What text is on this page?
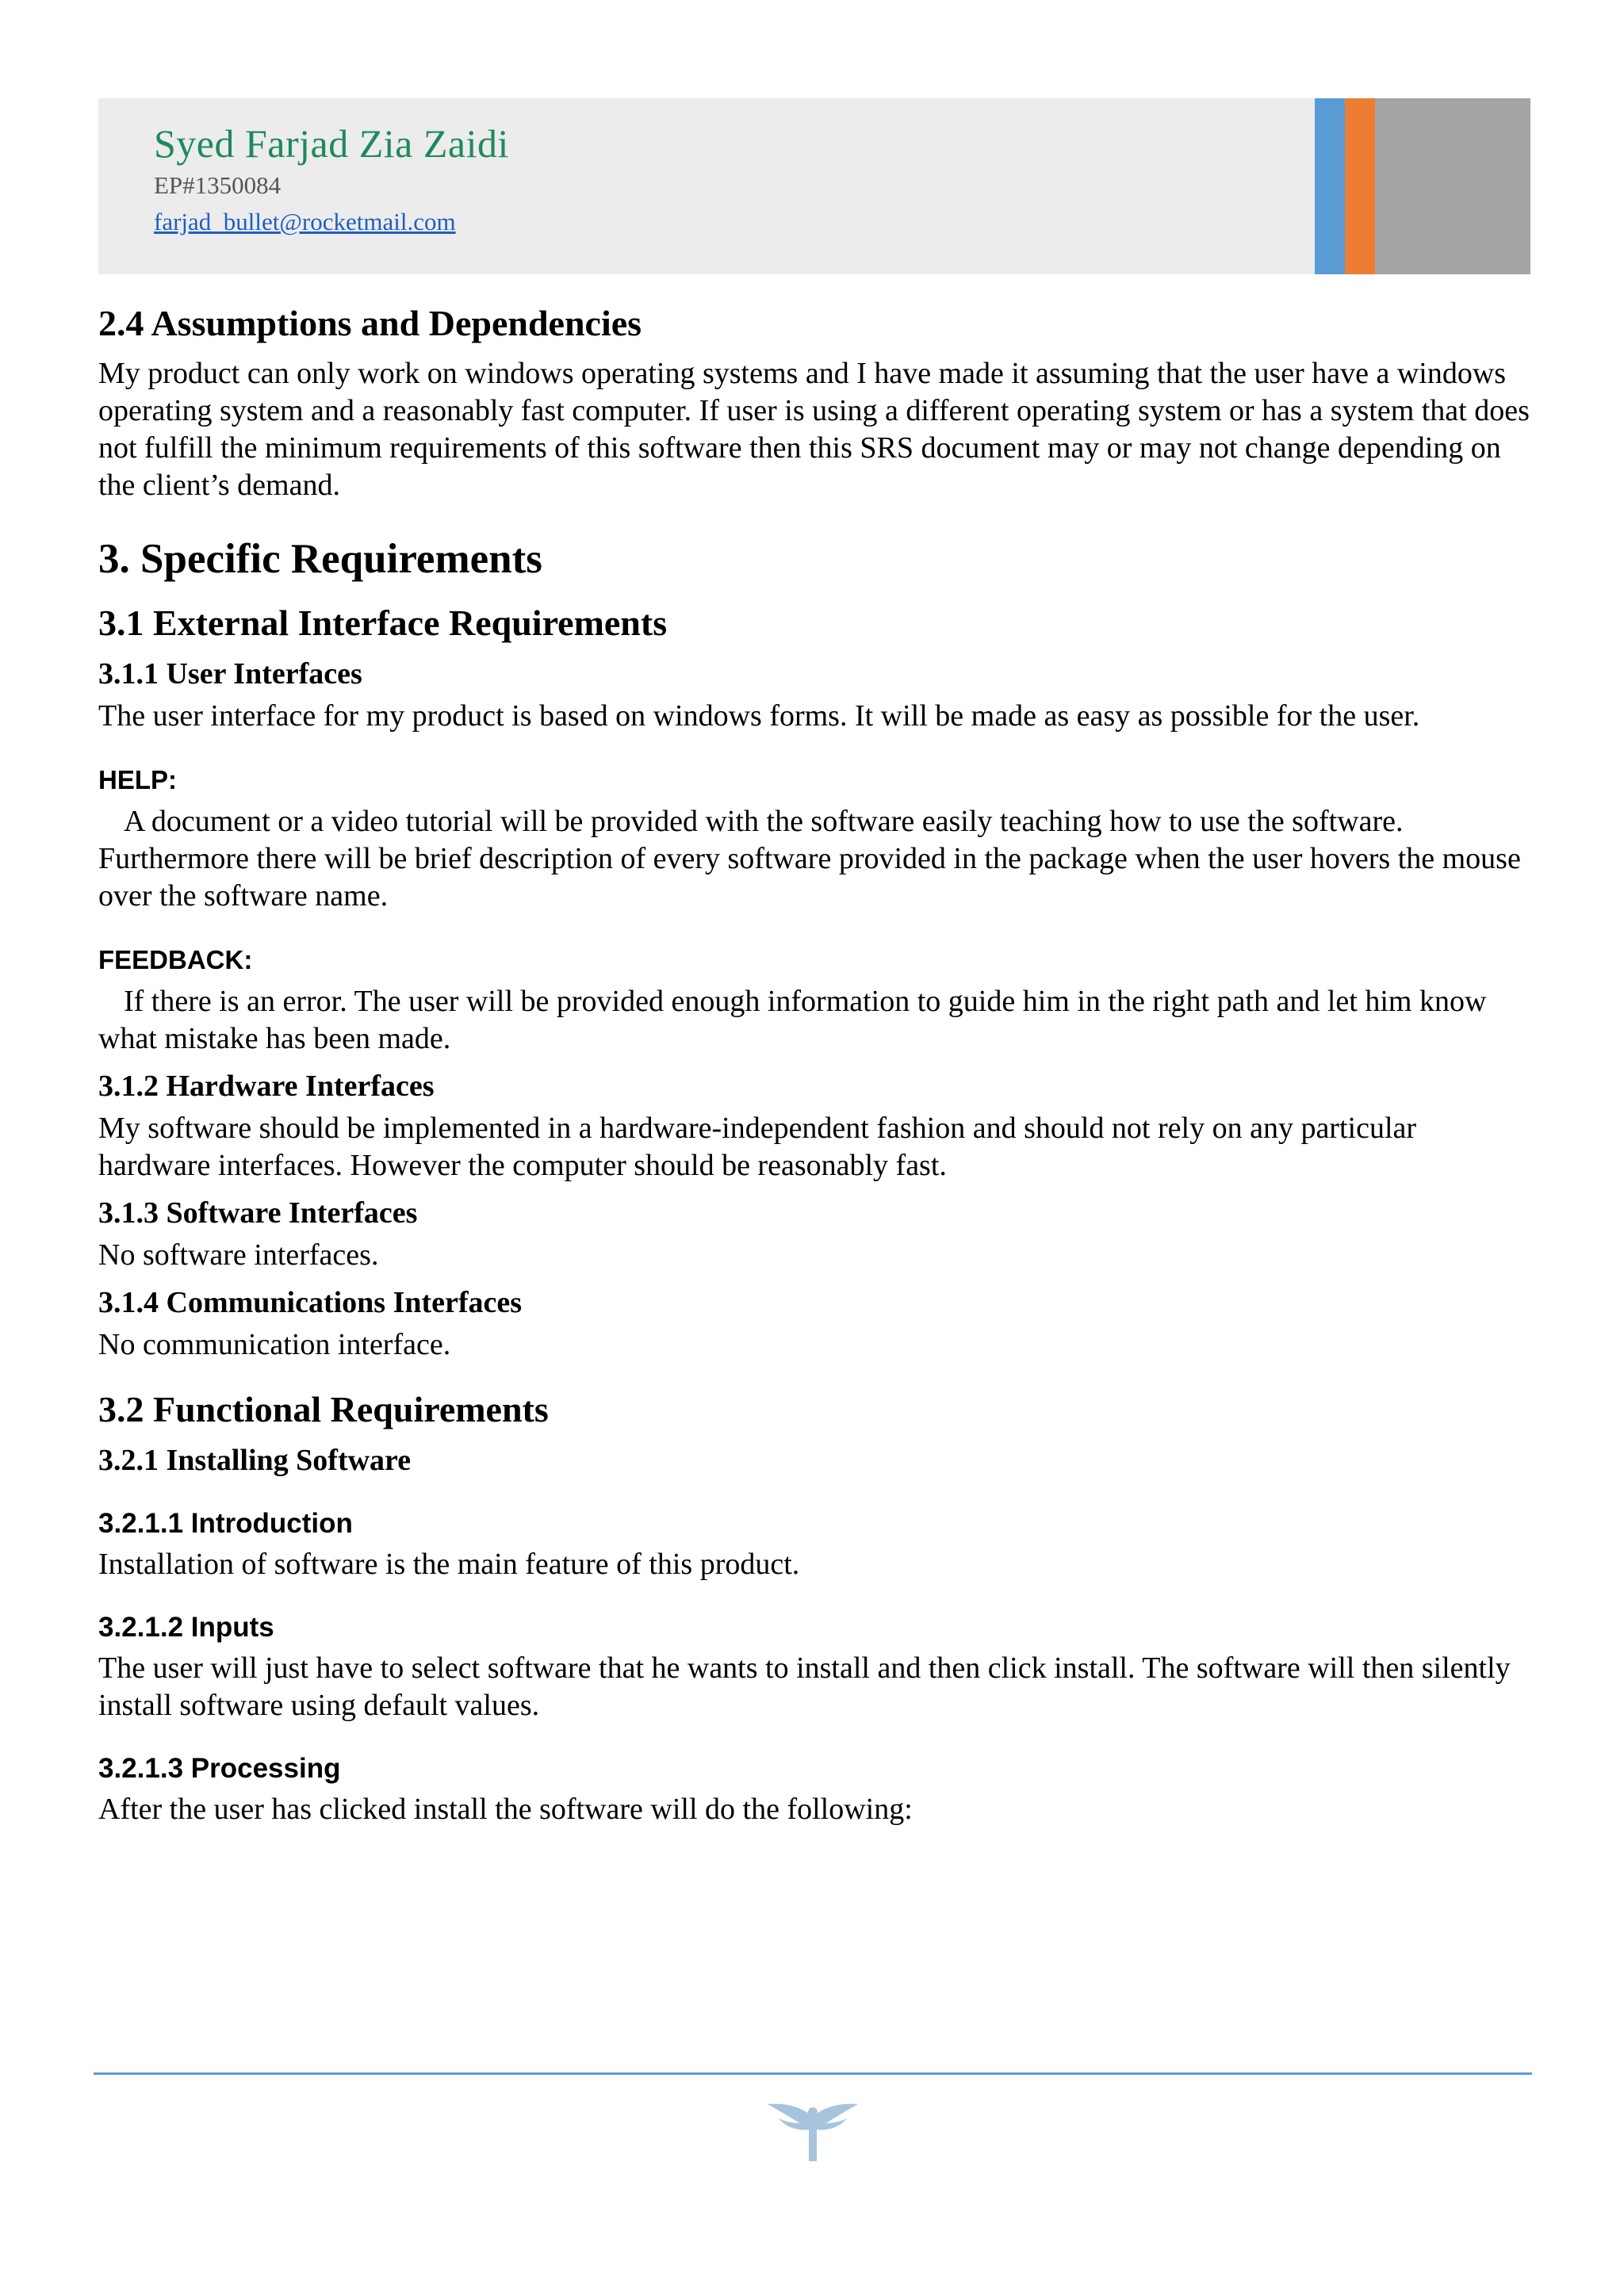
Syed Farjad Zia Zaidi
EP#1350084
farjad_bullet@rocketmail.com
2.4 Assumptions and Dependencies

My product can only work on windows operating systems and I have made it assuming that the user have a windows operating system and a reasonably fast computer. If user is using a different operating system or has a system that does not fulfill the minimum requirements of this software then this SRS document may or may not change depending on the client’s demand.

3. Specific Requirements
3.1 External Interface Requirements
3.1.1 User Interfaces

The user interface for my product is based on windows forms. It will be made as easy as possible for the user.

HELP:

A document or a video tutorial will be provided with the software easily teaching how to use the software. Furthermore there will be brief description of every software provided in the package when the user hovers the mouse over the software name.

FEEDBACK:

If there is an error. The user will be provided enough information to guide him in the right path and let him know what mistake has been made.

3.1.2 Hardware Interfaces

My software should be implemented in a hardware-independent fashion and should not rely on any particular hardware interfaces. However the computer should be reasonably fast.

3.1.3 Software Interfaces

No software interfaces.

3.1.4 Communications Interfaces

No communication interface.

3.2 Functional Requirements
3.2.1 Installing Software
3.2.1.1 Introduction

Installation of software is the main feature of this product.

3.2.1.2 Inputs

The user will just have to select software that he wants to install and then click install. The software will then silently install software using default values.

3.2.1.3 Processing

After the user has clicked install the software will do the following:
